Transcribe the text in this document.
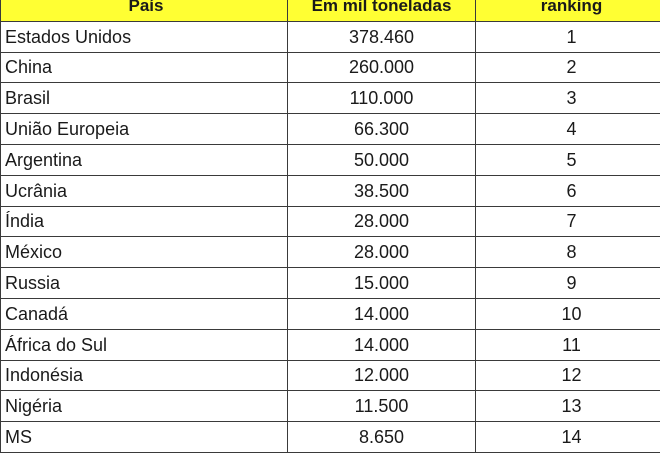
País	Em mil toneladas	ranking
Estados Unidos	378.460	1
China	260.000	2
Brasil	110.000	3
União Europeia	66.300	4
Argentina	50.000	5
Ucrânia	38.500	6
Índia	28.000	7
México	28.000	8
Russia	15.000	9
Canadá	14.000	10
África do Sul	14.000	11
Indonésia	12.000	12
Nigéria	11.500	13
MS	8.650	14
